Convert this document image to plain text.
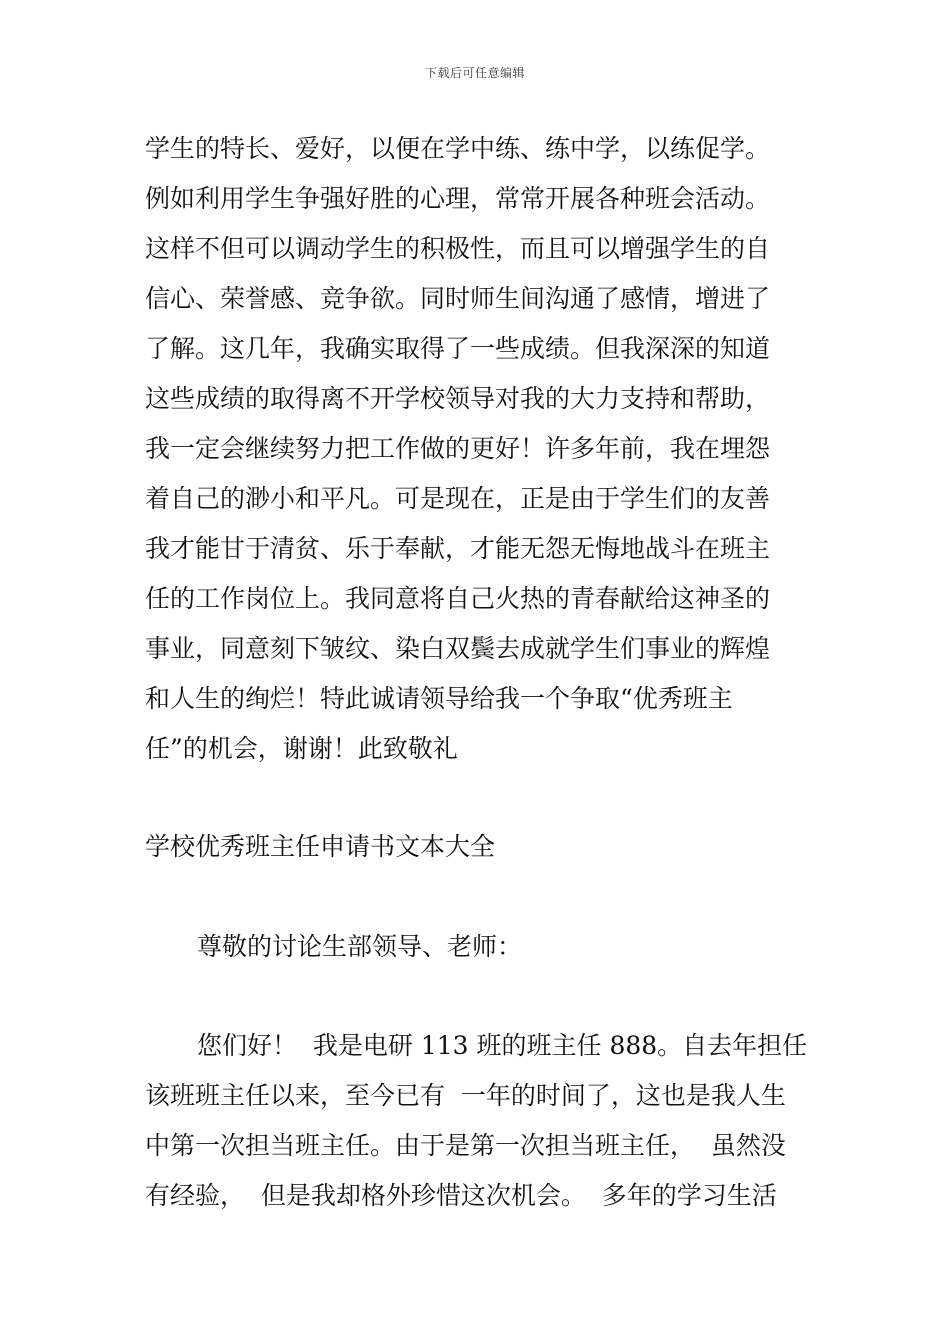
下载后可任意编辑
学生的特长、爱好，以便在学中练、练中学，以练促学。
例如利用学生争强好胜的心理，常常开展各种班会活动。
这样不但可以调动学生的积极性，而且可以增强学生的自
信心、荣誉感、竞争欲。同时师生间沟通了感情，增进了
了解。这几年，我确实取得了一些成绩。但我深深的知道
这些成绩的取得离不开学校领导对我的大力支持和帮助，
我一定会继续努力把工作做的更好！许多年前，我在埋怨
着自己的渺小和平凡。可是现在，正是由于学生们的友善
我才能甘于清贫、乐于奉献，才能无怨无悔地战斗在班主
任的工作岗位上。我同意将自己火热的青春献给这神圣的
事业，同意刻下皱纹、染白双鬓去成就学生们事业的辉煌
和人生的绚烂！特此诚请领导给我一个争取“优秀班主
任”的机会，谢谢！此致敬礼
学校优秀班主任申请书文本大全
尊敬的讨论生部领导、老师：
您们好！  我是电研 113 班的班主任 888。自去年担任
该班班主任以来，至今已有  一年的时间了，这也是我人生
中第一次担当班主任。由于是第一次担当班主任，  虽然没
有经验，  但是我却格外珍惜这次机会。  多年的学习生活
